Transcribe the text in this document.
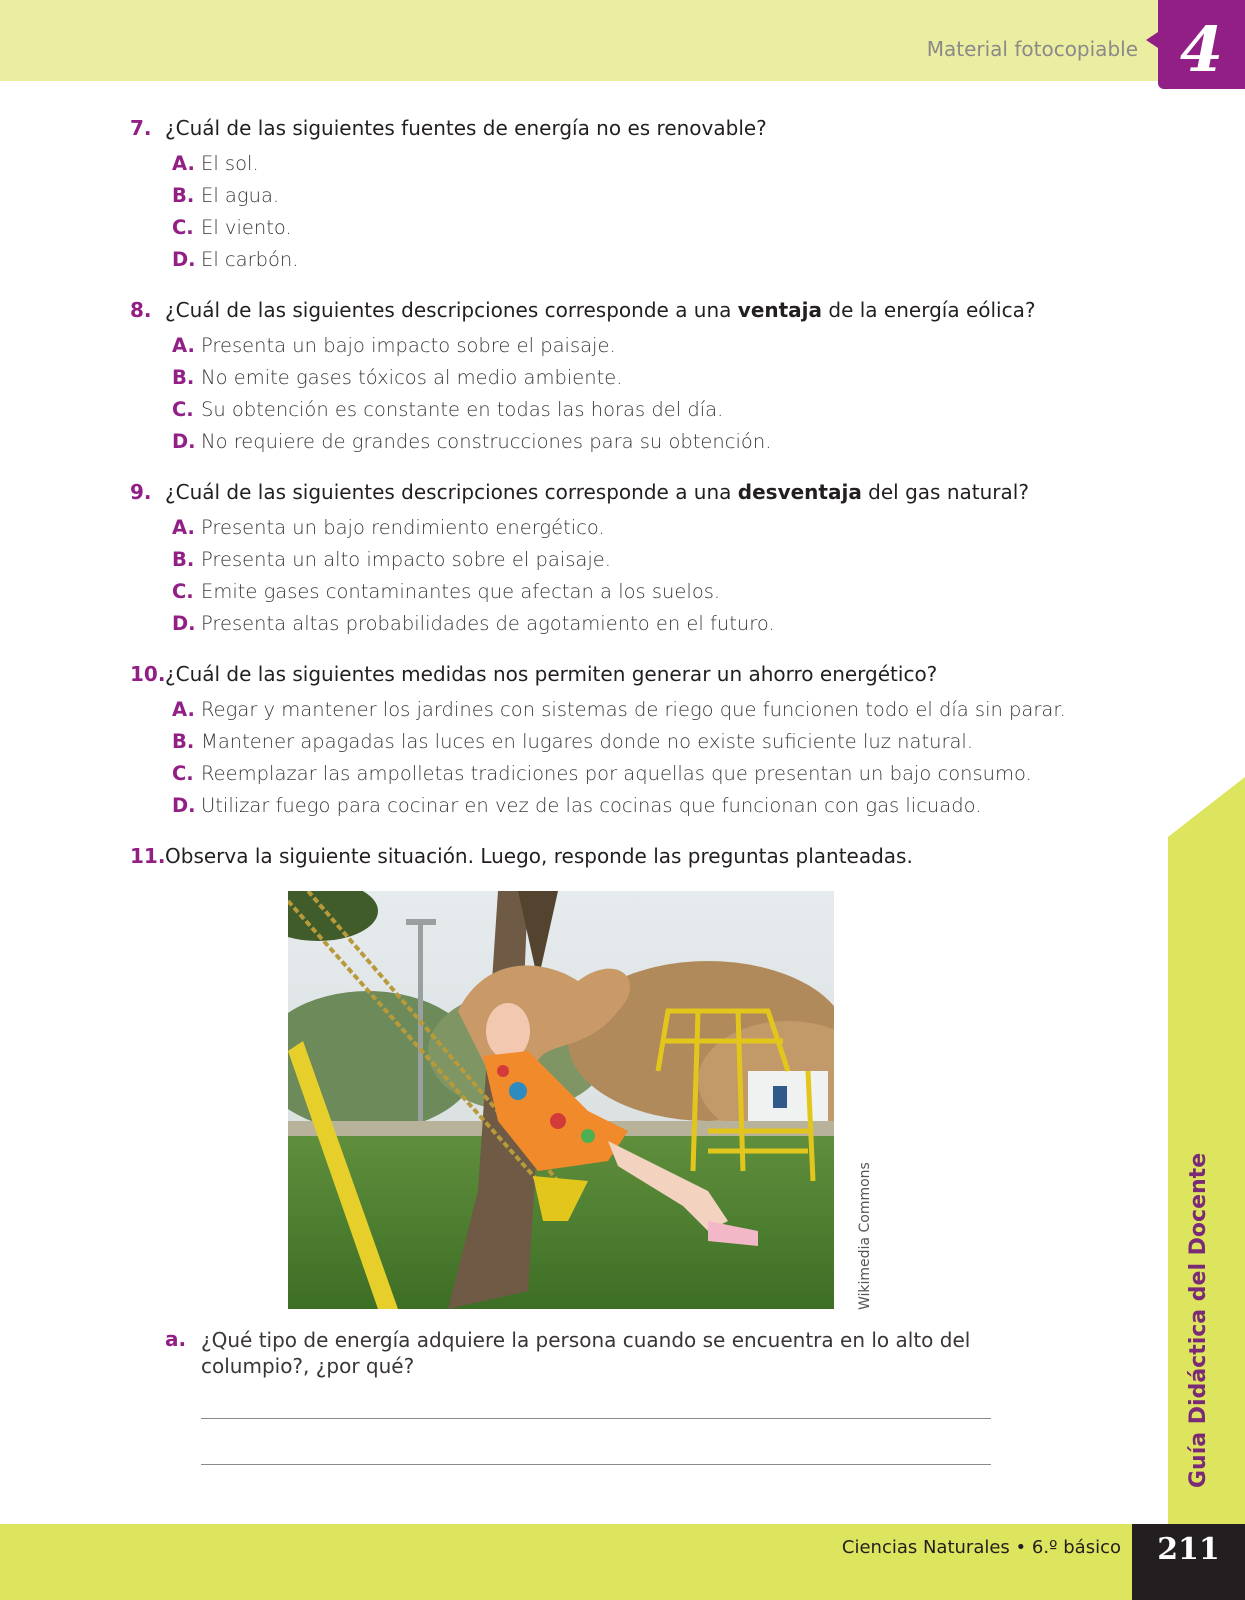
Material fotocopiable 4
Guía Didáctica del Docente
7. ¿Cuál de las siguientes fuentes de energía no es renovable?
A. El sol.
B. El agua.
C. El viento.
D. El carbón.
8. ¿Cuál de las siguientes descripciones corresponde a una ventaja de la energía eólica?
A. Presenta un bajo impacto sobre el paisaje.
B. No emite gases tóxicos al medio ambiente.
C. Su obtención es constante en todas las horas del día.
D. No requiere de grandes construcciones para su obtención.
9. ¿Cuál de las siguientes descripciones corresponde a una desventaja del gas natural?
A. Presenta un bajo rendimiento energético.
B. Presenta un alto impacto sobre el paisaje.
C. Emite gases contaminantes que afectan a los suelos.
D. Presenta altas probabilidades de agotamiento en el futuro.
10. ¿Cuál de las siguientes medidas nos permiten generar un ahorro energético?
A. Regar y mantener los jardines con sistemas de riego que funcionen todo el día sin parar.
B. Mantener apagadas las luces en lugares donde no existe suficiente luz natural.
C. Reemplazar las ampolletas tradiciones por aquellas que presentan un bajo consumo.
D. Utilizar fuego para cocinar en vez de las cocinas que funcionan con gas licuado.
11. Observa la siguiente situación. Luego, responde las preguntas planteadas.
Wikimedia Commons
a. ¿Qué tipo de energía adquiere la persona cuando se encuentra en lo alto del columpio?, ¿por qué?
Ciencias Naturales • 6.º básico	211
